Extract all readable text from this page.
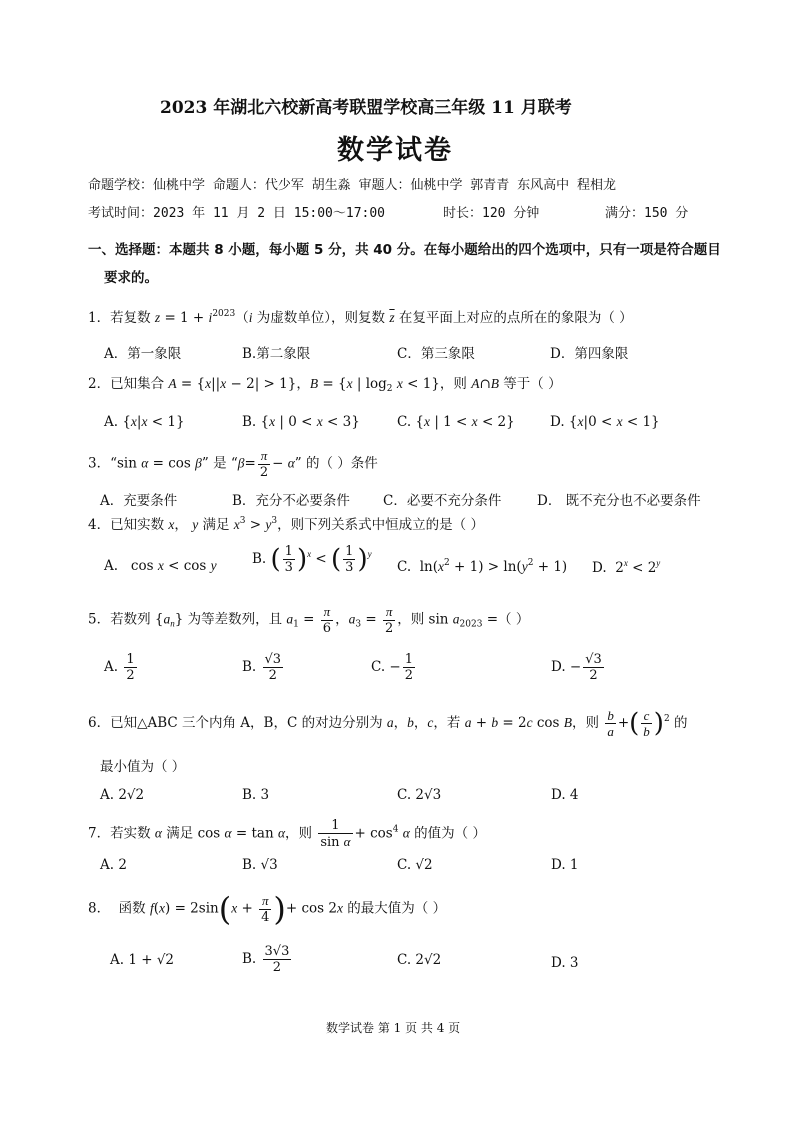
2023 年湖北六校新高考联盟学校高三年级 11 月联考
数学试卷
命题学校：仙桃中学 命题人：代少军 胡生淼 审题人：仙桃中学 郭青青 东风高中 程相龙
考试时间：2023 年 11 月 2 日 15:00～17:00	时长：120 分钟	满分：150 分
一、选择题：本题共 8 小题，每小题 5 分，共 40 分。在每小题给出的四个选项中，只有一项是符合题目
要求的。
1．若复数 $z = 1 + i^{2023}(i$ 为虚数单位），则复数 $\overline{z}$ 在复平面上对应的点所在的象限为（ ）
A．第一象限	B.第二象限	C．第三象限	D．第四象限
2．已知集合 A = {x||x − 2| > 1}，B = {x | $\log_2 x < 1$}，则 A∩B 等于（ ）
A. {x|x < 1}	B. {x | 0 < x < 3}	C. {x | 1 < x < 2}	D. {x|0 < x < 1}
3．“sin α = cos β” 是 “$\beta= \frac{\pi}{2} - \alpha$” 的（ ）条件
A．充要条件	B．充分不必要条件 C．必要不充分条件	D． 既不充分也不必要条件
4．已知实数 x， y 满足 $x^3 > y^3$，则下列关系式中恒成立的是（ ）
A.   cos x < cos y	B. ( $\frac{1}{3} )^x$ < ( $\frac{1}{3} )^y$
C.  $\ln(x^2 + 1) > \ln(y^2 + 1)$ D.  $2^x < 2^y$
5．若数列 $\{a_n\}$ 为等差数列，且 $a_1 = \frac{\pi}{6}$ ，$a_3 = \frac{\pi}{2}$ ，则 $\sin a_{2023}$ =（ ）
A. $\frac{1}{2}$	B. $\frac{√3}{2}$	C. − $\frac{1}{2}$	D. − $\frac{√3}{2}$
6．已知△ABC 三个内角 A，B，C 的对边分别为 a，b，c，若 a + b = 2c cos B，则 $\frac{b}{a}$ +( $\frac{c}{b} )^2$ 的
最小值为（ ）
A. 2√2	B. 3	C. 2√3	D. 4
7．若实数 α 满足 cos α = tan α，则 $\frac{1}{\text{sin α}} + \cos^4 \alpha$ 的值为（ ）
A. 2	B. √3	C. √2	D. 1
8．  函数 $f(x) = 2\sin(x + \frac{\pi}{4}$ )+ cos 2x 的最大值为（ ）
A. 1 + √2	B. $\frac{3√3}{2}$	C. 2√2	D. 3
数学试卷 第 1 页 共 4 页
